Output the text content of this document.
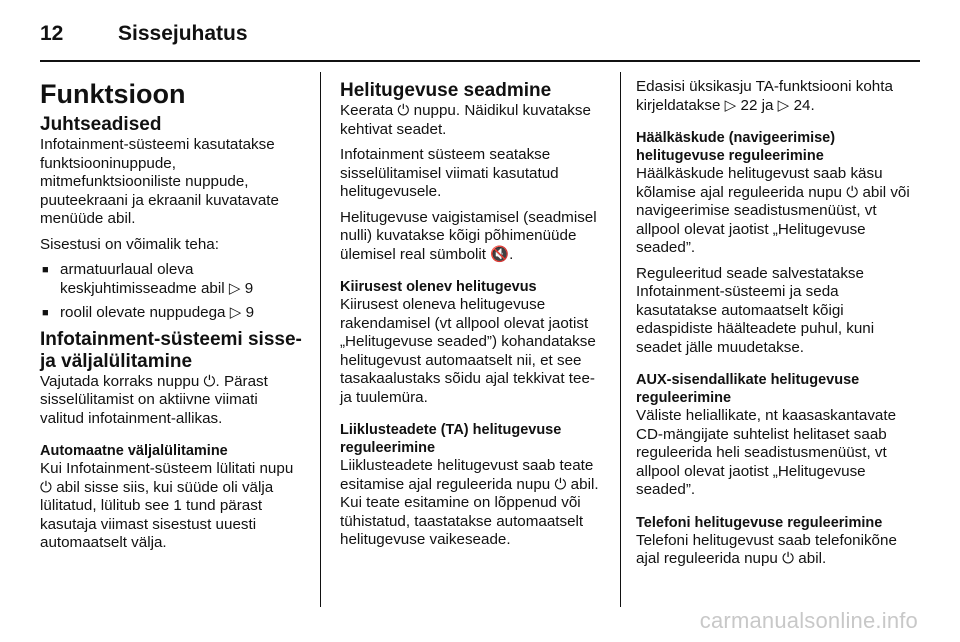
12	Sissejuhatus
Funktsioon
Juhtseadised

Infotainment-süsteemi kasutatakse funktsiooninuppude, mitmefunktsiooniliste nuppude, puuteekraani ja ekraanil kuvatavate menüüde abil.

Sisestusi on võimalik teha:

■ armatuurlaual oleva keskjuhtimisseadme abil ▷ 9
■ roolil olevate nuppudega ▷ 9
Infotainment-süsteemi sisse- ja väljalülitamine

Vajutada korraks nuppu ⏻. Pärast sisselülitamist on aktiivne viimati valitud infotainment-allikas.

Automaatne väljalülitamine

Kui Infotainment-süsteem lülitati nupu ⏻ abil sisse siis, kui süüde oli välja lülitatud, lülitub see 1 tund pärast kasutaja viimast sisestust uuesti automaatselt välja.

Helitugevuse seadmine

Keerata ⏻ nuppu. Näidikul kuvatakse kehtivat seadet.

Infotainment süsteem seatakse sisselülitamisel viimati kasutatud helitugevusele.

Helitugevuse vaigistamisel (seadmisel nulli) kuvatakse kõigi põhimenüüde ülemisel real sümbolit 🔇.

Kiirusest olenev helitugevus

Kiirusest oleneva helitugevuse rakendamisel (vt allpool olevat jaotist „Helitugevuse seaded”) kohandatakse helitugevust automaatselt nii, et see tasakaalustaks sõidu ajal tekkivat tee- ja tuulemüra.

Liiklusteadete (TA) helitugevuse reguleerimine

Liiklusteadete helitugevust saab teate esitamise ajal reguleerida nupu ⏻ abil. Kui teate esitamine on lõppenud või tühistatud, taastatakse automaatselt helitugevuse vaikeseade.

Edasisi üksikasju TA-funktsiooni kohta kirjeldatakse ▷ 22 ja ▷ 24.

Häälkäskude (navigeerimise) helitugevuse reguleerimine

Häälkäskude helitugevust saab käsu kõlamise ajal reguleerida nupu ⏻ abil või navigeerimise seadistusmenüüst, vt allpool olevat jaotist „Helitugevuse seaded”.

Reguleeritud seade salvestatakse Infotainment-süsteemi ja seda kasutatakse automaatselt kõigi edaspidiste häälteadete puhul, kuni seadet jälle muudetakse.

AUX-sisendallikate helitugevuse reguleerimine

Väliste heliallikate, nt kaasaskantavate CD-mängijate suhtelist helitaset saab reguleerida heli seadistusmenüüst, vt allpool olevat jaotist „Helitugevuse seaded”.

Telefoni helitugevuse reguleerimine

Telefoni helitugevust saab telefonikõne ajal reguleerida nupu ⏻ abil.

carmanualsonline.info
